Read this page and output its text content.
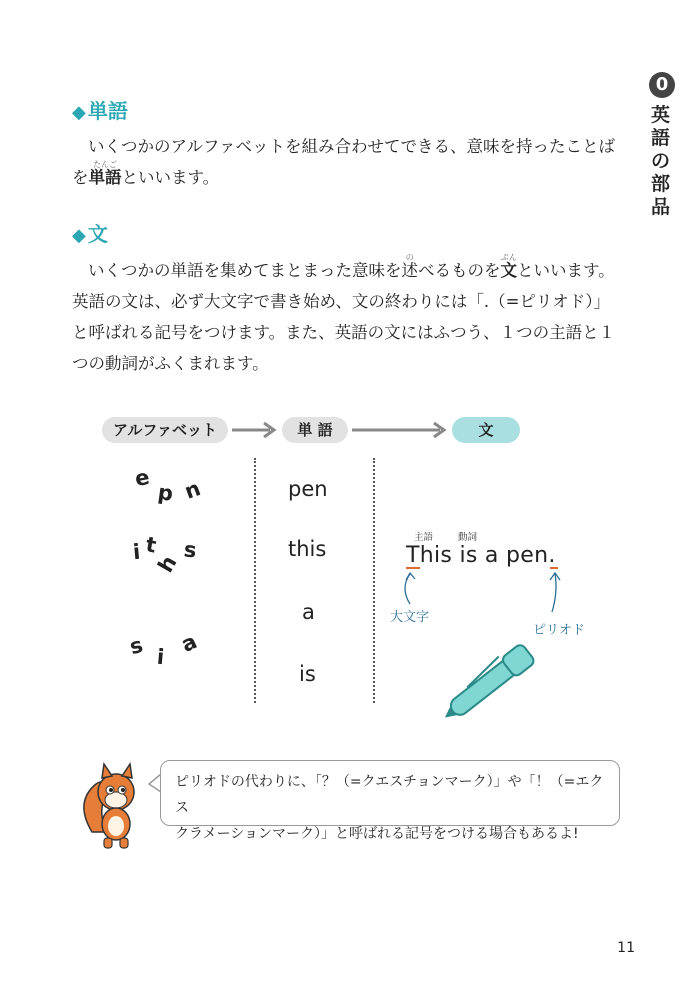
0
英語の部品
◆ 単語
いくつかのアルファベットを組み合わせてできる、意味を持ったことば
を
たんご
単語といいます。
◆ 文
いくつかの単語を集めてまとまった意味を
の
述べるものを
ぶん
文といいます。
英語の文は、必ず大文字で書き始め、文の終わりには「.（=ピリオド）」
と呼ばれる記号をつけます。また、英語の文にはふつう、１つの主語と１
つの動詞がふくまれます。
アルファベット	単 語	文
e
p n
i t
h
s
s i
a
pen
this
a
is
主語	動詞
This is a pen.
大文字
ピリオド
ピリオドの代わりに、「？（=クエスチョンマーク）」や「！（=エクス
クラメーションマーク）」と呼ばれる記号をつける場合もあるよ!
11
